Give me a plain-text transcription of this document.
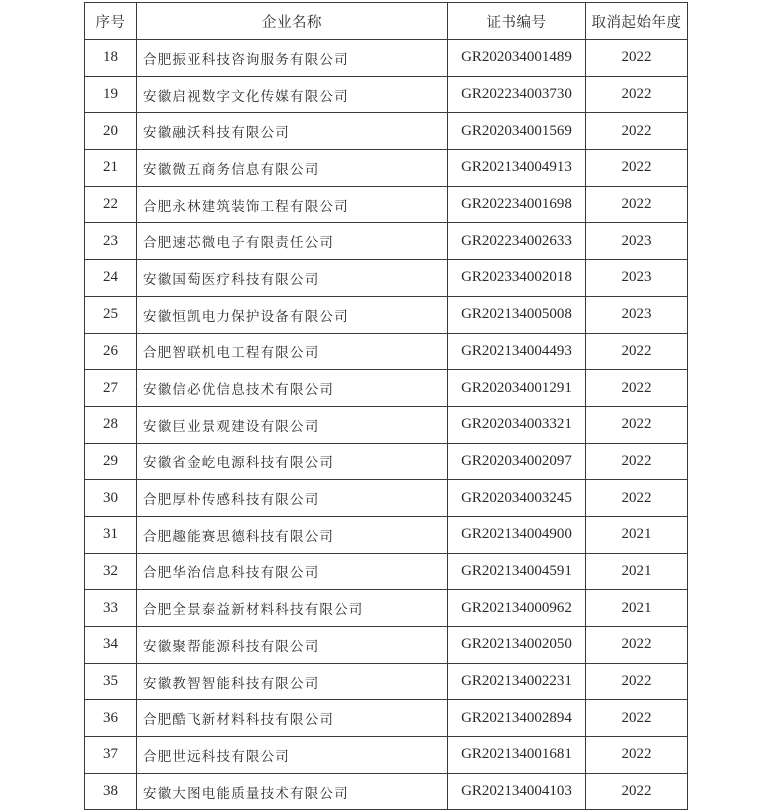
序号	企业名称	证书编号	取消起始年度
18	合肥振亚科技咨询服务有限公司	GR202034001489	2022
19	安徽启视数字文化传媒有限公司	GR202234003730	2022
20	安徽融沃科技有限公司	GR202034001569	2022
21	安徽微五商务信息有限公司	GR202134004913	2022
22	合肥永林建筑装饰工程有限公司	GR202234001698	2022
23	合肥速芯微电子有限责任公司	GR202234002633	2023
24	安徽国萄医疗科技有限公司	GR202334002018	2023
25	安徽恒凯电力保护设备有限公司	GR202134005008	2023
26	合肥智联机电工程有限公司	GR202134004493	2022
27	安徽信必优信息技术有限公司	GR202034001291	2022
28	安徽巨业景观建设有限公司	GR202034003321	2022
29	安徽省金屹电源科技有限公司	GR202034002097	2022
30	合肥厚朴传感科技有限公司	GR202034003245	2022
31	合肥趣能赛思德科技有限公司	GR202134004900	2021
32	合肥华治信息科技有限公司	GR202134004591	2021
33	合肥全景泰益新材料科技有限公司	GR202134000962	2021
34	安徽聚帮能源科技有限公司	GR202134002050	2022
35	安徽教智智能科技有限公司	GR202134002231	2022
36	合肥酷飞新材料科技有限公司	GR202134002894	2022
37	合肥世远科技有限公司	GR202134001681	2022
38	安徽大图电能质量技术有限公司	GR202134004103	2022
